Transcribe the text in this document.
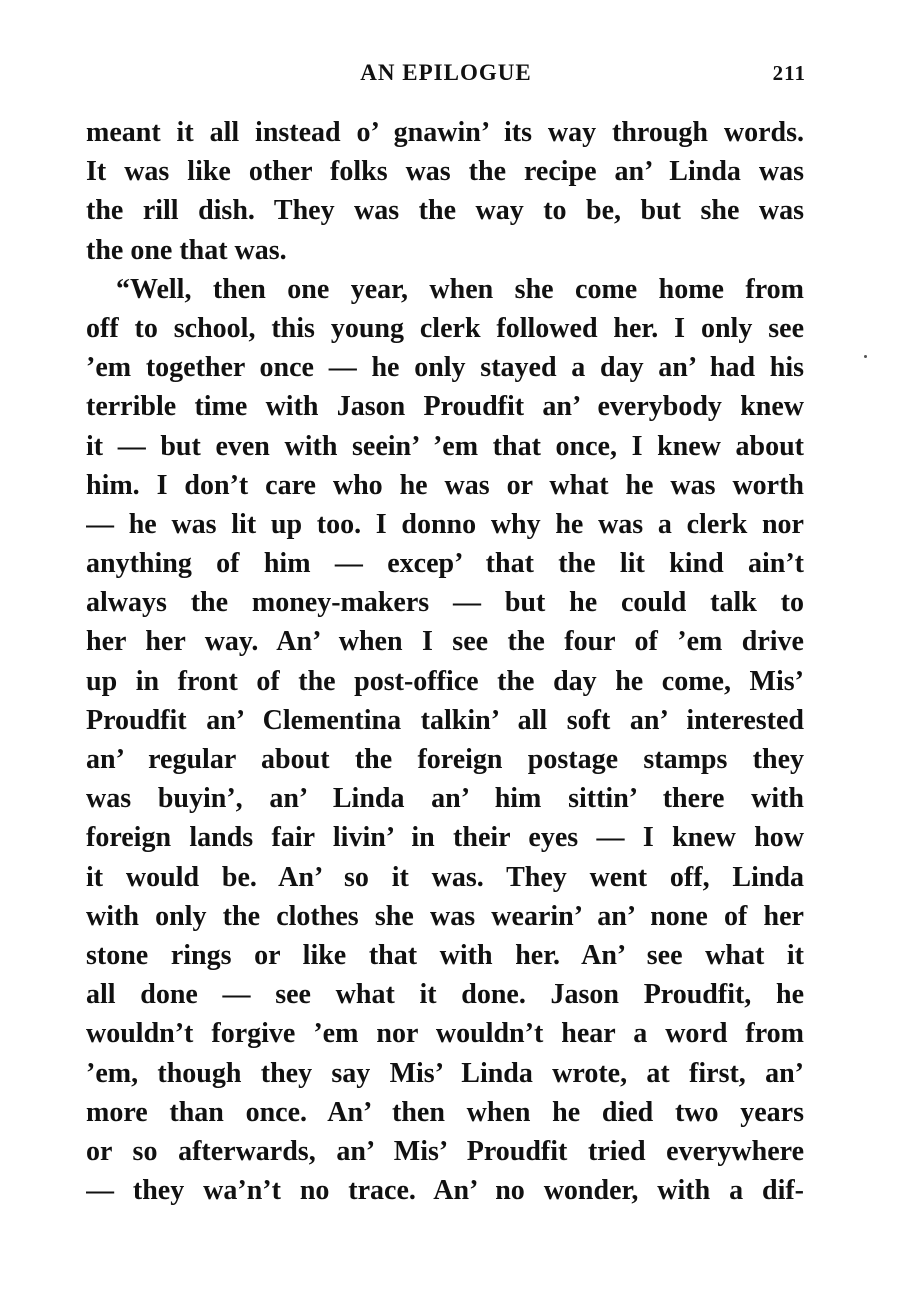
AN EPILOGUE	211
meant it all instead o’ gnawin’ its way through words.
It was like other folks was the recipe an’ Linda was
the rill dish. They was the way to be, but she was
the one that was.
“Well, then one year, when she come home from
off to school, this young clerk followed her. I only see
’em together once — he only stayed a day an’ had his
terrible time with Jason Proudfit an’ everybody knew
it — but even with seein’ ’em that once, I knew about
him. I don’t care who he was or what he was worth
— he was lit up too. I donno why he was a clerk nor
anything of him — excep’ that the lit kind ain’t
always the money-makers — but he could talk to
her her way. An’ when I see the four of ’em drive
up in front of the post-office the day he come, Mis’
Proudfit an’ Clementina talkin’ all soft an’ interested
an’ regular about the foreign postage stamps they
was buyin’, an’ Linda an’ him sittin’ there with
foreign lands fair livin’ in their eyes — I knew how
it would be. An’ so it was. They went off, Linda
with only the clothes she was wearin’ an’ none of her
stone rings or like that with her. An’ see what it
all done — see what it done. Jason Proudfit, he
wouldn’t forgive ’em nor wouldn’t hear a word from
’em, though they say Mis’ Linda wrote, at first, an’
more than once. An’ then when he died two years
or so afterwards, an’ Mis’ Proudfit tried everywhere
— they wa’n’t no trace. An’ no wonder, with a dif-
